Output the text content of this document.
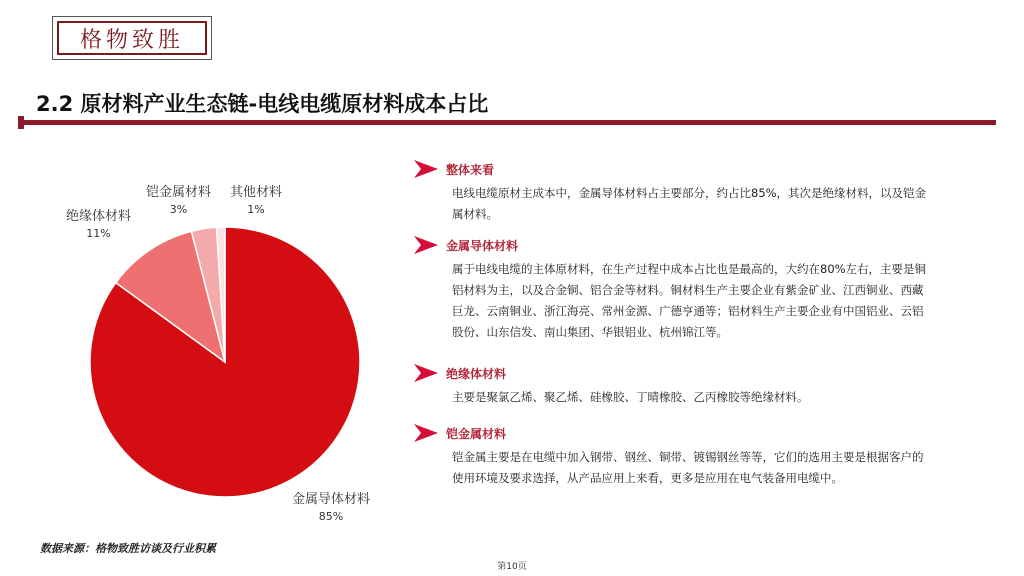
格物致胜
2.2 原材料产业生态链-电线电缆原材料成本占比
金属导体材料
85%
绝缘体材料
11%
铠金属材料
3%
其他材料
1%
整体来看
电线电缆原材主成本中，金属导体材料占主要部分，约占比85%，其次是绝缘材料，以及铠金
属材料。
金属导体材料
属于电线电缆的主体原材料，在生产过程中成本占比也是最高的，大约在80%左右，主要是铜
铝材料为主，以及合金铜、铝合金等材料。铜材料生产主要企业有紫金矿业、江西铜业、西藏
巨龙、云南铜业、浙江海亮、常州金源、广德亨通等；铝材料生产主要企业有中国铝业、云铝
股份、山东信发、南山集团、华银铝业、杭州锦江等。
绝缘体材料
主要是聚氯乙烯、聚乙烯、硅橡胶、丁晴橡胶、乙丙橡胶等绝缘材料。
铠金属材料
铠金属主要是在电缆中加入钢带、钢丝、铜带、镀锡钢丝等等，它们的选用主要是根据客户的
使用环境及要求选择，从产品应用上来看，更多是应用在电气装备用电缆中。
数据来源：格物致胜访谈及行业积累
第10页
